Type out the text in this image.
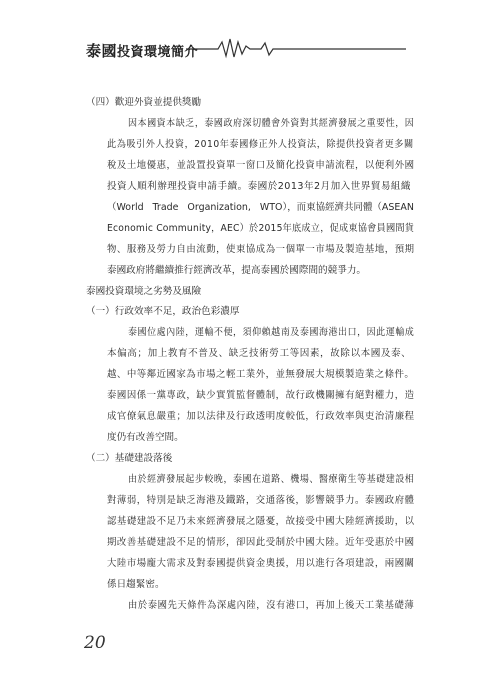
泰國投資環境簡介
（四）歡迎外資並提供獎勵
因本國資本缺乏，泰國政府深切體會外資對其經濟發展之重要性，因
此為吸引外人投資，2010年泰國修正外人投資法，除提供投資者更多關
稅及土地優惠，並設置投資單一窗口及簡化投資申請流程，以便利外國
投資人順利辦理投資申請手續。泰國於2013年2月加入世界貿易組織
（World Trade Organization, WTO），而東協經濟共同體（ASEAN
Economic Community，AEC）於2015年底成立，促成東協會員國間貨
物、服務及勞力自由流動，使東協成為一個單一市場及製造基地，預期
泰國政府將繼續推行經濟改革，提高泰國於國際間的競爭力。
泰國投資環境之劣勢及風險
（一）行政效率不足，政治色彩濃厚
泰國位處內陸，運輸不便，須仰賴越南及泰國海港出口，因此運輸成
本偏高；加上教育不普及、缺乏技術勞工等因素，故除以本國及泰、
越、中等鄰近國家為市場之輕工業外，並無發展大規模製造業之條件。
泰國因係一黨專政，缺少實質監督體制，故行政機關擁有絕對權力，造
成官僚氣息嚴重；加以法律及行政透明度較低，行政效率與吏治清廉程
度仍有改善空間。
（二）基礎建設落後
由於經濟發展起步較晚，泰國在道路、機場、醫療衛生等基礎建設相
對薄弱，特別是缺乏海港及鐵路，交通落後，影響競爭力。泰國政府體
認基礎建設不足乃未來經濟發展之隱憂，故接受中國大陸經濟援助，以
期改善基礎建設不足的情形，卻因此受制於中國大陸。近年受惠於中國
大陸市場龐大需求及對泰國提供資金奧援，用以進行各項建設，兩國關
係日趨緊密。
由於泰國先天條件為深處內陸，沒有港口，再加上後天工業基礎薄
20
